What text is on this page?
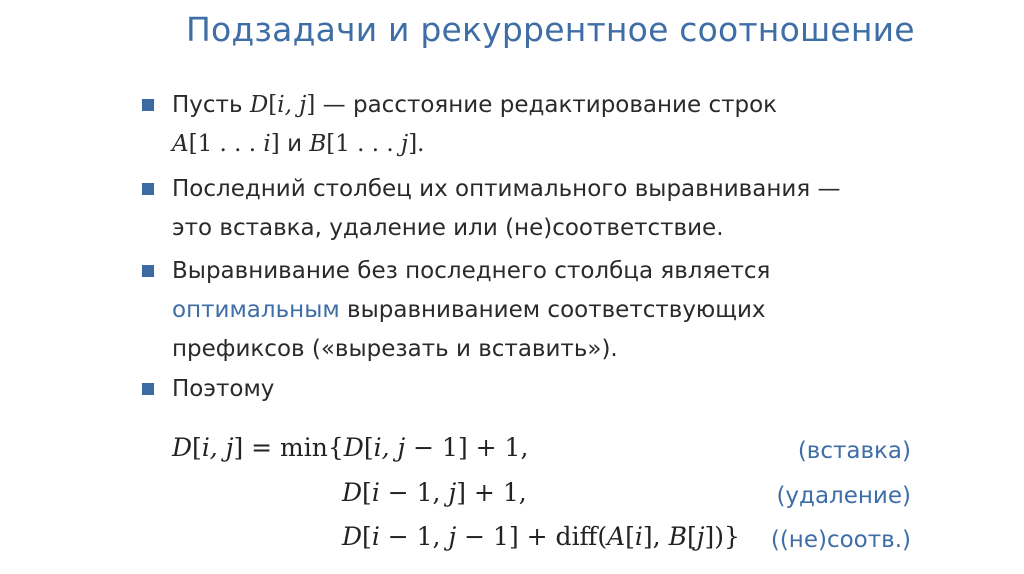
Подзадачи и рекуррентное соотношение
Пусть D[i, j] — расстояние редактирование строк
A[1 . . . i] и B[1 . . . j].
Последний столбец их оптимального выравнивания —
это вставка, удаление или (не)соответствие.
Выравнивание без последнего столбца является
оптимальным выравниванием соответствующих
префиксов («вырезать и вставить»).
Поэтому
D[i, j] = min{D[i, j − 1] + 1,	(вставка)
D[i − 1, j] + 1,	(удаление)
D[i − 1, j − 1] + diff(A[i], B[j])} ((не)соотв.)
